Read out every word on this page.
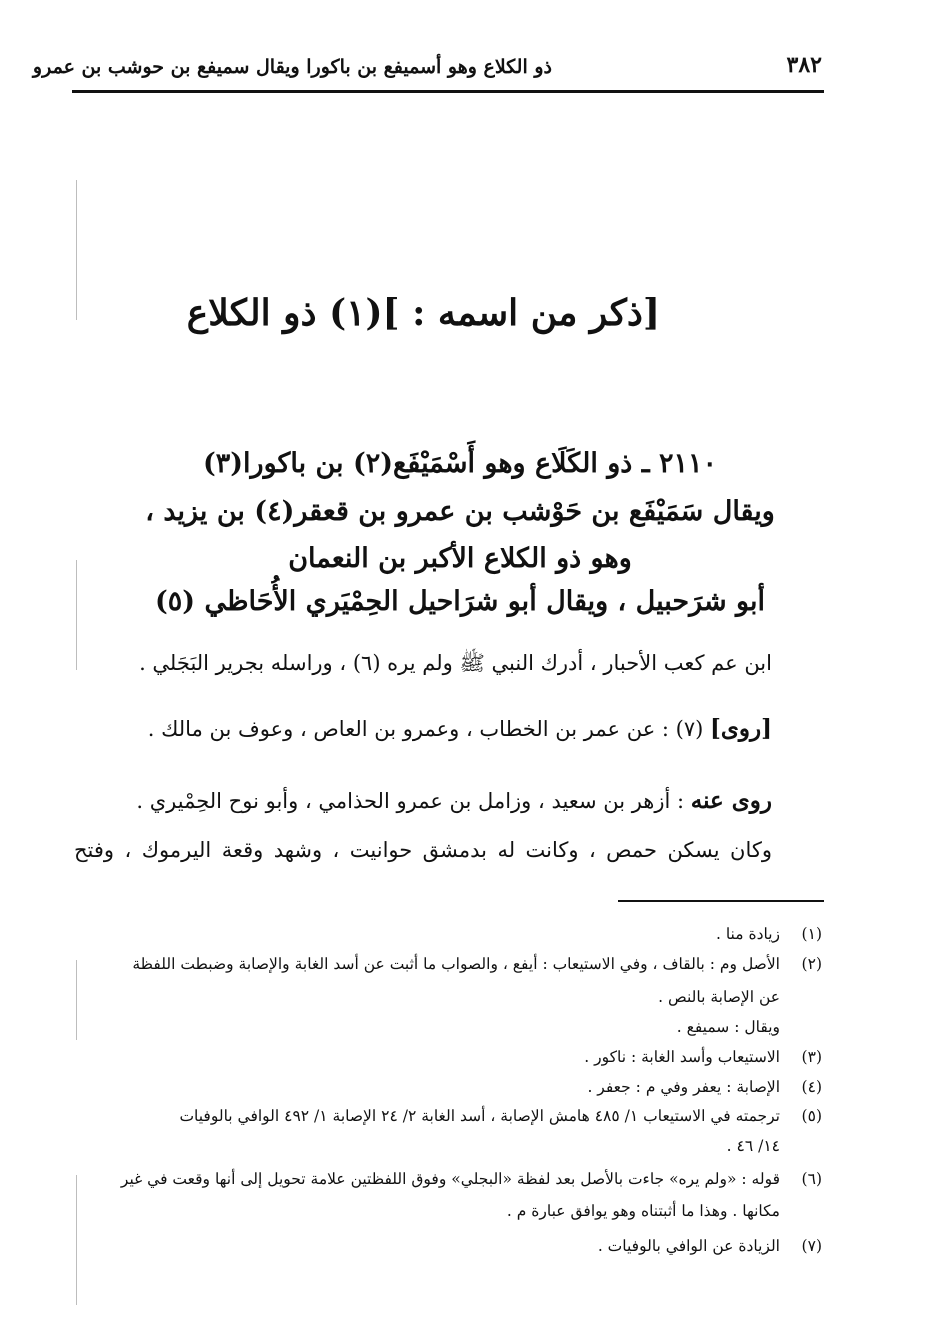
ذو الكلاع وهو أسميفع بن باكورا ويقال سميفع بن حوشب بن عمرو	٣٨٢
[ذكر من اسمه : ](١) ذو الكلاع
٢١١٠ ـ ذو الكَلَاع وهو أَسْمَيْفَع(٢) بن باكورا(٣)
ويقال سَمَيْفَع بن حَوْشب بن عمرو بن قعقر(٤) بن يزيد ،
وهو ذو الكلاع الأكبر بن النعمان
أبو شرَحبيل ، ويقال أبو شرَاحيل الحِمْيَري الأُحَاظي (٥)
ابن عم كعب الأحبار ، أدرك النبي ﷺ ولم يره (٦) ، وراسله بجرير البَجَلي .
[روى] (٧) : عن عمر بن الخطاب ، وعمرو بن العاص ، وعوف بن مالك .
روى عنه : أزهر بن سعيد ، وزامل بن عمرو الحذامي ، وأبو نوح الحِمْيري .
وكان يسكن حمص ، وكانت له بدمشق حوانيت ، وشهد وقعة اليرموك ، وفتح
(١)زيادة منا .
(٢)الأصل وم : بالقاف ، وفي الاستيعاب : أيفع ، والصواب ما أثبت عن أسد الغابة والإصابة وضبطت اللفظة
عن الإصابة بالنص .
ويقال : سميفع .
(٣)الاستيعاب وأسد الغابة : ناكور .
(٤)الإصابة : يعفر وفي م : جعفر .
(٥)ترجمته في الاستيعاب ١/ ٤٨٥ هامش الإصابة ، أسد الغابة ٢/ ٢٤ الإصابة ١/ ٤٩٢ الوافي بالوفيات
١٤/ ٤٦ .
(٦)قوله : «ولم يره» جاءت بالأصل بعد لفظة «البجلي» وفوق اللفظتين علامة تحويل إلى أنها وقعت في غير
مكانها . وهذا ما أثبتناه وهو يوافق عبارة م .
(٧)الزيادة عن الوافي بالوفيات .
